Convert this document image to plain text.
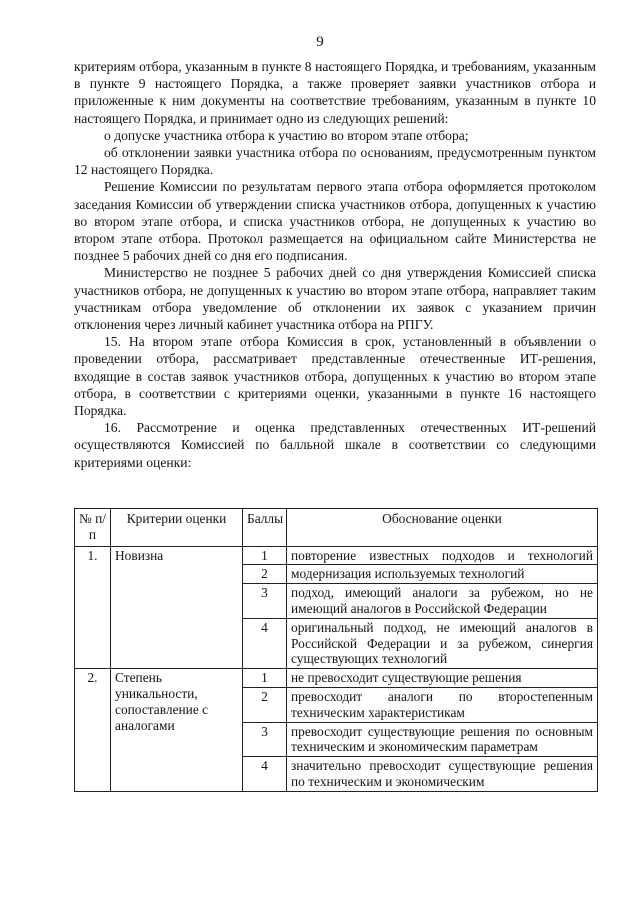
9

критериям отбора, указанным в пункте 8 настоящего Порядка, и требованиям, указанным в пункте 9 настоящего Порядка, а также проверяет заявки участников отбора и приложенные к ним документы на соответствие требованиям, указанным в пункте 10 настоящего Порядка, и принимает одно из следующих решений:

о допуске участника отбора к участию во втором этапе отбора;

об отклонении заявки участника отбора по основаниям, предусмотренным пунктом 12 настоящего Порядка.

Решение Комиссии по результатам первого этапа отбора оформляется протоколом заседания Комиссии об утверждении списка участников отбора, допущенных к участию во втором этапе отбора, и списка участников отбора, не допущенных к участию во втором этапе отбора. Протокол размещается на официальном сайте Министерства не позднее 5 рабочих дней со дня его подписания.

Министерство не позднее 5 рабочих дней со дня утверждения Комиссией списка участников отбора, не допущенных к участию во втором этапе отбора, направляет таким участникам отбора уведомление об отклонении их заявок с указанием причин отклонения через личный кабинет участника отбора на РПГУ.

15. На втором этапе отбора Комиссия в срок, установленный в объявлении о проведении отбора, рассматривает представленные отечественные ИТ-решения, входящие в состав заявок участников отбора, допущенных к участию во втором этапе отбора, в соответствии с критериями оценки, указанными в пункте 16 настоящего Порядка.

16. Рассмотрение и оценка представленных отечественных ИТ-решений осуществляются Комиссией по балльной шкале в соответствии со следующими критериями оценки:

№ п/п	Критерии оценки	Баллы	Обоснование оценки
1.	Новизна	1	повторение известных подходов и технологий
		2	модернизация используемых технологий
		3	подход, имеющий аналоги за рубежом, но не имеющий аналогов в Российской Федерации
		4	оригинальный подход, не имеющий аналогов в Российской Федерации и за рубежом, синергия существующих технологий
2.	Степень уникальности, сопоставление с аналогами	1	не превосходит существующие решения
		2	превосходит аналоги по второстепенным техническим характеристикам
		3	превосходит существующие решения по основным техническим и экономическим параметрам
		4	значительно превосходит существующие решения по техническим и экономическим
